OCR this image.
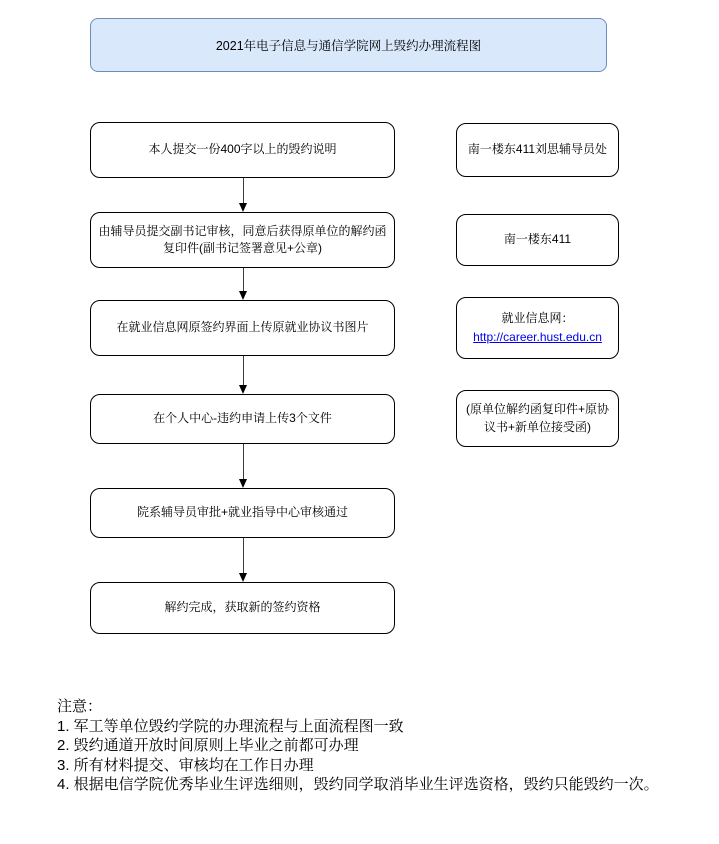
2021年电子信息与通信学院网上毁约办理流程图
本人提交一份400字以上的毁约说明
由辅导员提交副书记审核，同意后获得原单位的解约函复印件(副书记签署意见+公章)
在就业信息网原签约界面上传原就业协议书图片
在个人中心-违约申请上传3个文件
院系辅导员审批+就业指导中心审核通过
解约完成，获取新的签约资格
南一楼东411刘思辅导员处
南一楼东411
就业信息网：
http://career.hust.edu.cn
(原单位解约函复印件+原协议书+新单位接受函)

注意：

1. 军工等单位毁约学院的办理流程与上面流程图一致

2. 毁约通道开放时间原则上毕业之前都可办理

3. 所有材料提交、审核均在工作日办理

4. 根据电信学院优秀毕业生评选细则，毁约同学取消毕业生评选资格，毁约只能毁约一次。
